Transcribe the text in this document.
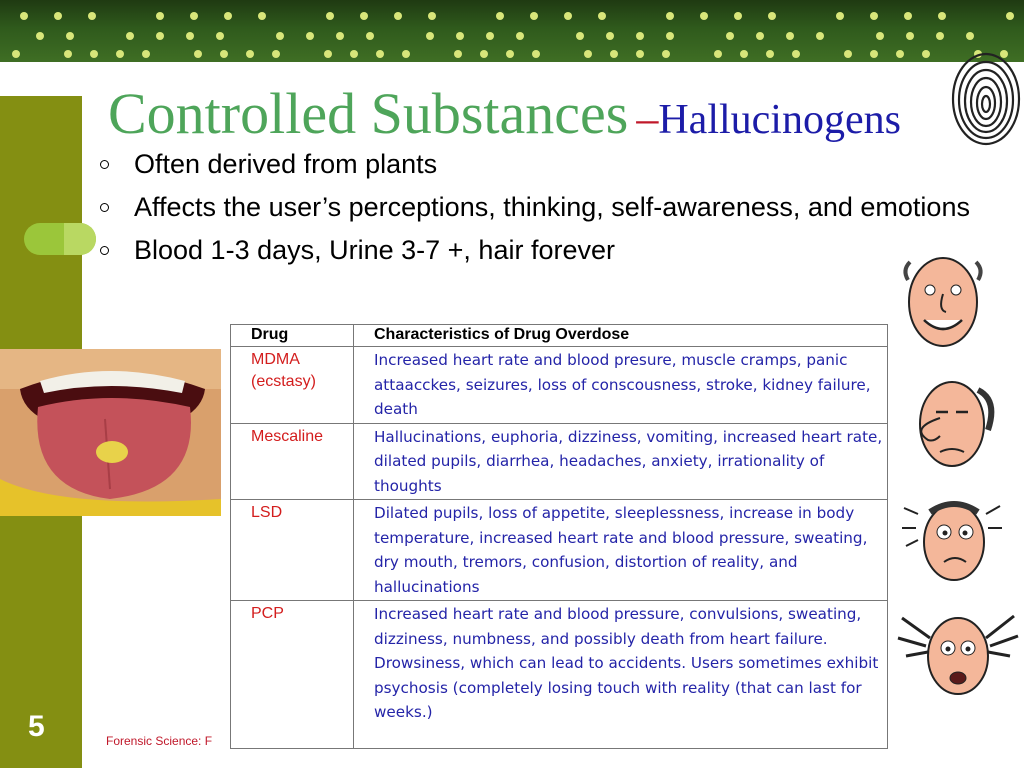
5
Controlled Substances –Hallucinogens
Often derived from plants
Affects the user’s perceptions, thinking, self-awareness, and emotions
Blood 1-3 days, Urine 3-7 +, hair forever
Drug	Characteristics of Drug Overdose
MDMA (ecstasy)	Increased heart rate and blood presure, muscle cramps, panic attaacckes, seizures, loss of conscousness, stroke, kidney failure, death
Mescaline	Hallucinations, euphoria, dizziness, vomiting, increased heart rate, dilated pupils, diarrhea, headaches, anxiety, irrationality of thoughts
LSD	Dilated pupils, loss of appetite, sleeplessness, increase in body temperature, increased heart rate and blood pressure, sweating, dry mouth, tremors, confusion, distortion of reality, and hallucinations
PCP	Increased heart rate and blood pressure, convulsions, sweating, dizziness, numbness, and possibly death from heart failure. Drowsiness, which can lead to accidents. Users sometimes exhibit psychosis (completely losing touch with reality (that can last for weeks.)
Forensic Science: F
